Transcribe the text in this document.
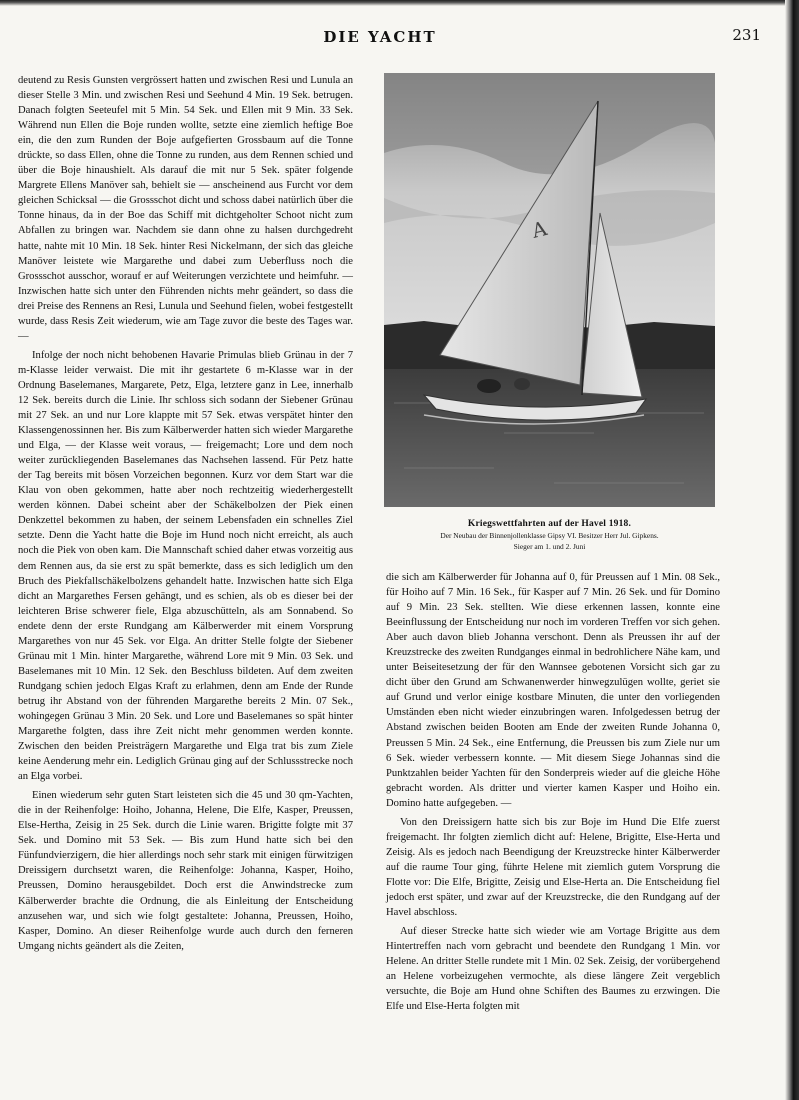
DIE YACHT	231

deutend zu Resis Gunsten vergrössert hatten und zwischen Resi und Lunula an dieser Stelle 3 Min. und zwischen Resi und Seehund 4 Min. 19 Sek. betrugen. Danach folgten Seeteufel mit 5 Min. 54 Sek. und Ellen mit 9 Min. 33 Sek. Während nun Ellen die Boje runden wollte, setzte eine ziemlich heftige Boe ein, die den zum Runden der Boje aufgefierten Grossbaum auf die Tonne drückte, so dass Ellen, ohne die Tonne zu runden, aus dem Rennen schied und über die Boje hinaushielt. Als darauf die mit nur 5 Sek. später folgende Margrete Ellens Manöver sah, behielt sie — anscheinend aus Furcht vor dem gleichen Schicksal — die Grossschot dicht und schoss dabei natürlich über die Tonne hinaus, da in der Boe das Schiff mit dichtgeholter Schoot nicht zum Abfallen zu bringen war. Nachdem sie dann ohne zu halsen durchgedreht hatte, nahte mit 10 Min. 18 Sek. hinter Resi Nickelmann, der sich das gleiche Manöver leistete wie Margarethe und dabei zum Ueberfluss noch die Grossschot ausschor, worauf er auf Weiterungen verzichtete und heimfuhr. — Inzwischen hatte sich unter den Führenden nichts mehr geändert, so dass die drei Preise des Rennens an Resi, Lunula und Seehund fielen, wobei festgestellt wurde, dass Resis Zeit wiederum, wie am Tage zuvor die beste des Tages war. —

Infolge der noch nicht behobenen Havarie Primulas blieb Grünau in der 7 m-Klasse leider verwaist. Die mit ihr gestartete 6 m-Klasse war in der Ordnung Baselemanes, Margarete, Petz, Elga, letztere ganz in Lee, innerhalb 12 Sek. bereits durch die Linie. Ihr schloss sich sodann der Siebener Grünau mit 27 Sek. an und nur Lore klappte mit 57 Sek. etwas verspätet hinter den Klassengenossinnen her. Bis zum Kälberwerder hatten sich wieder Margarethe und Elga, — der Klasse weit voraus, — freigemacht; Lore und dem noch weiter zurückliegenden Baselemanes das Nachsehen lassend. Für Petz hatte der Tag bereits mit bösen Vorzeichen begonnen. Kurz vor dem Start war die Klau von oben gekommen, hatte aber noch rechtzeitig wiederhergestellt werden können. Dabei scheint aber der Schäkelbolzen der Piek einen Denkzettel bekommen zu haben, der seinem Lebensfaden ein schnelles Ziel setzte. Denn die Yacht hatte die Boje im Hund noch nicht erreicht, als auch noch die Piek von oben kam. Die Mannschaft schied daher etwas vorzeitig aus dem Rennen aus, da sie erst zu spät bemerkte, dass es sich lediglich um den Bruch des Piekfallschäkelbolzens gehandelt hatte. Inzwischen hatte sich Elga dicht an Margarethes Fersen gehängt, und es schien, als ob es dieser bei der leichteren Brise schwerer fiele, Elga abzuschütteln, als am Sonnabend. So endete denn der erste Rundgang am Kälberwerder mit einem Vorsprung Margarethes von nur 45 Sek. vor Elga. An dritter Stelle folgte der Siebener Grünau mit 1 Min. hinter Margarethe, während Lore mit 9 Min. 03 Sek. und Baselemanes mit 10 Min. 12 Sek. den Beschluss bildeten. Auf dem zweiten Rundgang schien jedoch Elgas Kraft zu erlahmen, denn am Ende der Runde betrug ihr Abstand von der führenden Margarethe bereits 2 Min. 07 Sek., wohingegen Grünau 3 Min. 20 Sek. und Lore und Baselemanes so spät hinter Margarethe folgten, dass ihre Zeit nicht mehr genommen werden konnte. Zwischen den beiden Preisträgern Margarethe und Elga trat bis zum Ziele keine Aenderung mehr ein. Lediglich Grünau ging auf der Schlussstrecke noch an Elga vorbei.

Einen wiederum sehr guten Start leisteten sich die 45 und 30 qm-Yachten, die in der Reihenfolge: Hoiho, Johanna, Helene, Die Elfe, Kasper, Preussen, Else-Hertha, Zeisig in 25 Sek. durch die Linie waren. Brigitte folgte mit 37 Sek. und Domino mit 53 Sek. — Bis zum Hund hatte sich bei den Fünfundvierzigern, die hier allerdings noch sehr stark mit einigen fürwitzigen Dreissigern durchsetzt waren, die Reihenfolge: Johanna, Kasper, Hoiho, Preussen, Domino herausgebildet. Doch erst die Anwindstrecke zum Kälberwerder brachte die Ordnung, die als Einleitung der Entscheidung anzusehen war, und sich wie folgt gestaltete: Johanna, Preussen, Hoiho, Kasper, Domino. An dieser Reihenfolge wurde auch durch den ferneren Umgang nichts geändert als die Zeiten,

A
Kriegswettfahrten auf der Havel 1918.
Der Neubau der Binnenjollenklasse Gipsy VI. Besitzer Herr Jul. Gipkens.
Sieger am 1. und 2. Juni

die sich am Kälberwerder für Johanna auf 0, für Preussen auf 1 Min. 08 Sek., für Hoiho auf 7 Min. 16 Sek., für Kasper auf 7 Min. 26 Sek. und für Domino auf 9 Min. 23 Sek. stellten. Wie diese erkennen lassen, konnte eine Beeinflussung der Entscheidung nur noch im vorderen Treffen vor sich gehen. Aber auch davon blieb Johanna verschont. Denn als Preussen ihr auf der Kreuzstrecke des zweiten Rundganges einmal in bedrohlichere Nähe kam, und unter Beiseitesetzung der für den Wannsee gebotenen Vorsicht sich gar zu dicht über den Grund am Schwanenwerder hinwegzulügen wollte, geriet sie auf Grund und verlor einige kostbare Minuten, die unter den vorliegenden Umständen eben nicht wieder einzubringen waren. Infolgedessen betrug der Abstand zwischen beiden Booten am Ende der zweiten Runde Johanna 0, Preussen 5 Min. 24 Sek., eine Entfernung, die Preussen bis zum Ziele nur um 6 Sek. wieder verbessern konnte. — Mit diesem Siege Johannas sind die Punktzahlen beider Yachten für den Sonderpreis wieder auf die gleiche Höhe gebracht worden. Als dritter und vierter kamen Kasper und Hoiho ein. Domino hatte aufgegeben. —

Von den Dreissigern hatte sich bis zur Boje im Hund Die Elfe zuerst freigemacht. Ihr folgten ziemlich dicht auf: Helene, Brigitte, Else-Herta und Zeisig. Als es jedoch nach Beendigung der Kreuzstrecke hinter Kälberwerder auf die raume Tour ging, führte Helene mit ziemlich gutem Vorsprung die Flotte vor: Die Elfe, Brigitte, Zeisig und Else-Herta an. Die Entscheidung fiel jedoch erst später, und zwar auf der Kreuzstrecke, die den Rundgang auf der Havel abschloss.

Auf dieser Strecke hatte sich wieder wie am Vortage Brigitte aus dem Hintertreffen nach vorn gebracht und beendete den Rundgang 1 Min. vor Helene. An dritter Stelle rundete mit 1 Min. 02 Sek. Zeisig, der vorübergehend an Helene vorbeizugehen vermochte, als diese längere Zeit vergeblich versuchte, die Boje am Hund ohne Schiften des Baumes zu erzwingen. Die Elfe und Else-Herta folgten mit
